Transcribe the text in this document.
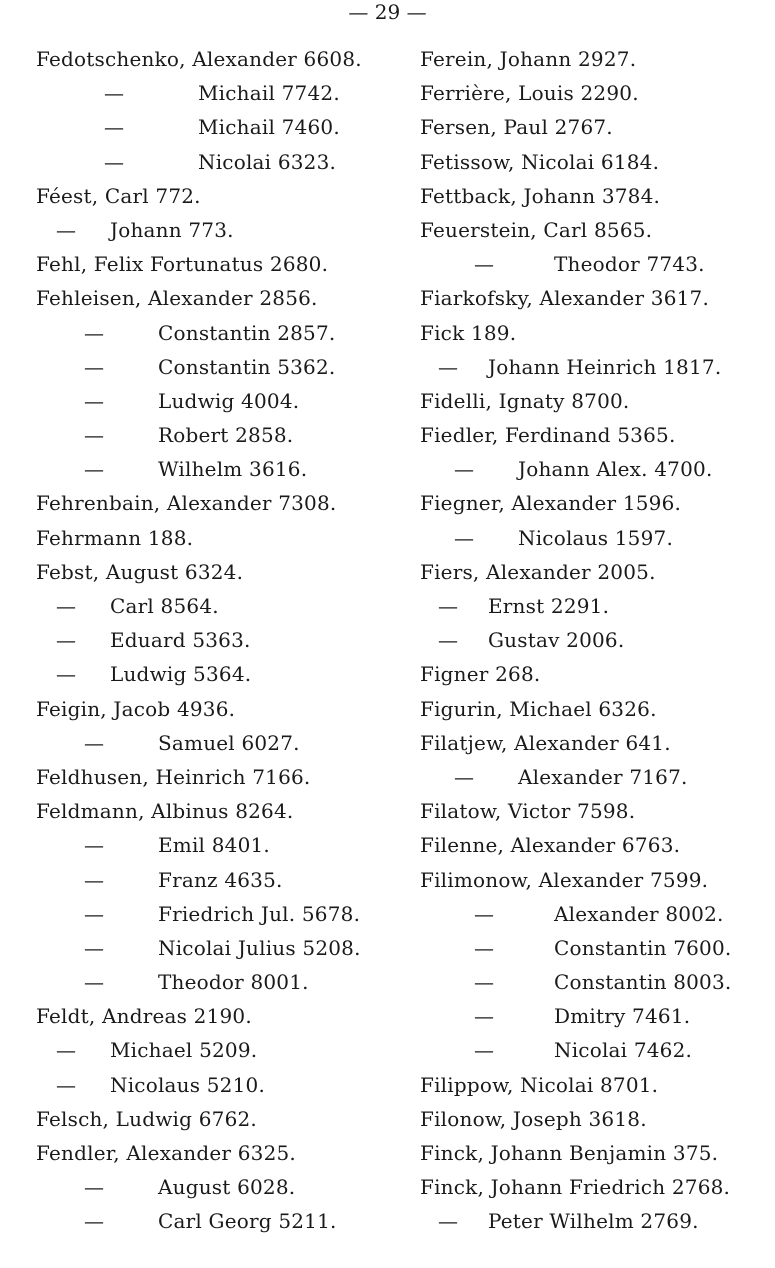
— 29 —
Fedotschenko, Alexander 6608.
—	Michail 7742.
—	Michail 7460.
—	Nicolai 6323.
Féest, Carl 772.
— Johann 773.
Fehl, Felix Fortunatus 2680.
Fehleisen, Alexander 2856.
—	Constantin 2857.
—	Constantin 5362.
—	Ludwig 4004.
—	Robert 2858.
—	Wilhelm 3616.
Fehrenbain, Alexander 7308.
Fehrmann 188.
Febst, August 6324.
— Carl 8564.
— Eduard 5363.
— Ludwig 5364.
Feigin, Jacob 4936.
—	Samuel 6027.
Feldhusen, Heinrich 7166.
Feldmann, Albinus 8264.
—	Emil 8401.
—	Franz 4635.
—	Friedrich Jul. 5678.
—	Nicolai Julius 5208.
—	Theodor 8001.
Feldt, Andreas 2190.
— Michael 5209.
— Nicolaus 5210.
Felsch, Ludwig 6762.
Fendler, Alexander 6325.
—	August 6028.
—	Carl Georg 5211.
Ferein, Johann 2927.
Ferrière, Louis 2290.
Fersen, Paul 2767.
Fetissow, Nicolai 6184.
Fettback, Johann 3784.
Feuerstein, Carl 8565.
—	Theodor 7743.
Fiarkofsky, Alexander 3617.
Fick 189.
— Johann Heinrich 1817.
Fidelli, Ignaty 8700.
Fiedler, Ferdinand 5365.
— Johann Alex. 4700.
Fiegner, Alexander 1596.
— Nicolaus 1597.
Fiers, Alexander 2005.
— Ernst 2291.
— Gustav 2006.
Figner 268.
Figurin, Michael 6326.
Filatjew, Alexander 641.
— Alexander 7167.
Filatow, Victor 7598.
Filenne, Alexander 6763.
Filimonow, Alexander 7599.
—	Alexander 8002.
—	Constantin 7600.
—	Constantin 8003.
—	Dmitry 7461.
—	Nicolai 7462.
Filippow, Nicolai 8701.
Filonow, Joseph 3618.
Finck, Johann Benjamin 375.
Finck, Johann Friedrich 2768.
— Peter Wilhelm 2769.
